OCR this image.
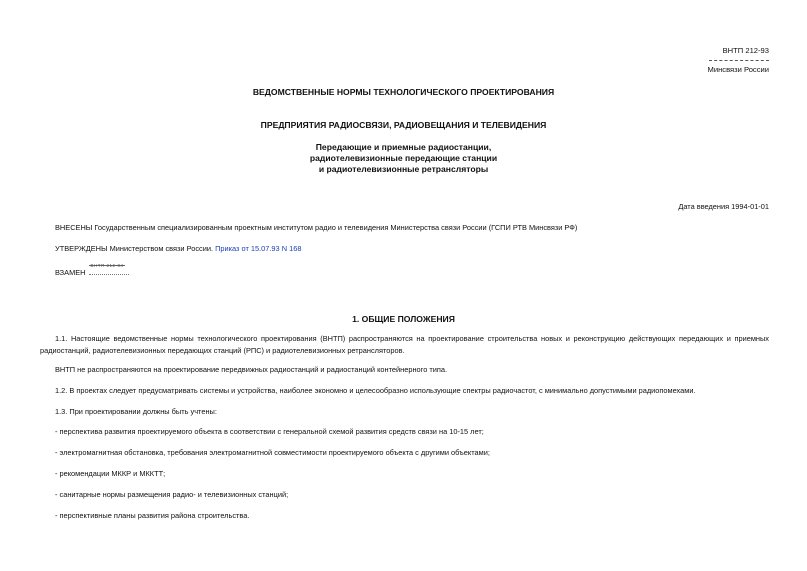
ВНТП 212-93
Минсвязи России
ВЕДОМСТВЕННЫЕ НОРМЫ ТЕХНОЛОГИЧЕСКОГО ПРОЕКТИРОВАНИЯ
ПРЕДПРИЯТИЯ РАДИОСВЯЗИ, РАДИОВЕЩАНИЯ И ТЕЛЕВИДЕНИЯ
Передающие и приемные радиостанции,
радиотелевизионные передающие станции
и радиотелевизионные ретрансляторы
Дата введения 1994-01-01
ВНЕСЕНЫ Государственным специализированным проектным институтом радио и телевидения Министерства связи России (ГСПИ РТВ Минсвязи РФ)
УТВЕРЖДЕНЫ Министерством связи России. Приказ от 15.07.93 N 168
ВЗАМЕН
ВНТП 212-84
1. ОБЩИЕ ПОЛОЖЕНИЯ
1.1. Настоящие ведомственные нормы технологического проектирования (ВНТП) распространяются на проектирование строительства новых и реконструкцию действующих передающих и приемных радиостанций, радиотелевизионных передающих станций (РПС) и радиотелевизионных ретрансляторов.
ВНТП не распространяются на проектирование передвижных радиостанций и радиостанций контейнерного типа.
1.2. В проектах следует предусматривать системы и устройства, наиболее экономно и целесообразно использующие спектры радиочастот, с минимально допустимыми радиопомехами.
1.3. При проектировании должны быть учтены:
- перспектива развития проектируемого объекта в соответствии с генеральной схемой развития средств связи на 10-15 лет;
- электромагнитная обстановка, требования электромагнитной совместимости проектируемого объекта с другими объектами;
- рекомендации МККР и МККТТ;
- санитарные нормы размещения радио- и телевизионных станций;
- перспективные планы развития района строительства.
